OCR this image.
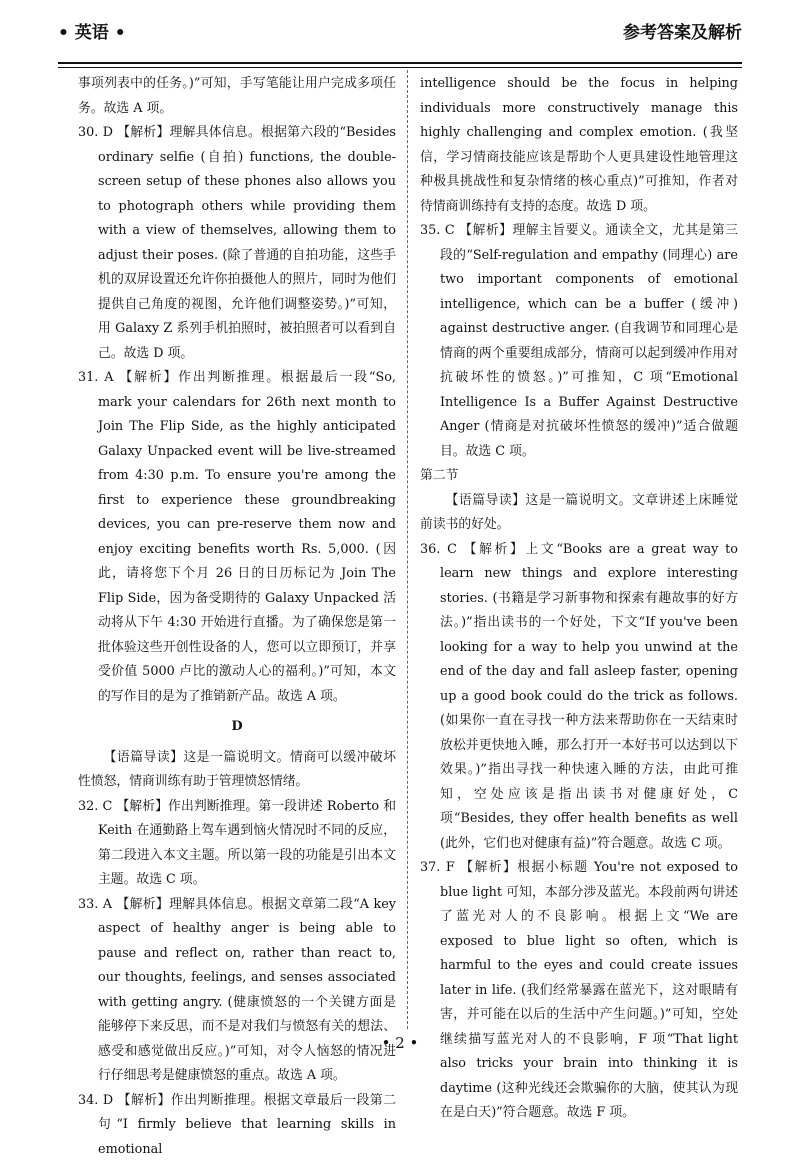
• 英语 •	参考答案及解析

事项列表中的任务。)”可知，手写笔能让用户完成多项任务。故选 A 项。

30. D 【解析】理解具体信息。根据第六段的“Besides ordinary selfie (自拍) functions, the double-screen setup of these phones also allows you to photograph others while providing them with a view of themselves, allowing them to adjust their poses. (除了普通的自拍功能，这些手机的双屏设置还允许你拍摄他人的照片，同时为他们提供自己角度的视图，允许他们调整姿势。)”可知，用 Galaxy Z 系列手机拍照时，被拍照者可以看到自己。故选 D 项。

31. A 【解析】作出判断推理。根据最后一段“So, mark your calendars for 26th next month to Join The Flip Side, as the highly anticipated Galaxy Unpacked event will be live-streamed from 4:30 p.m. To ensure you're among the first to experience these groundbreaking devices, you can pre-reserve them now and enjoy exciting benefits worth Rs. 5,000. (因此，请将您下个月 26 日的日历标记为 Join The Flip Side，因为备受期待的 Galaxy Unpacked 活动将从下午 4:30 开始进行直播。为了确保您是第一批体验这些开创性设备的人，您可以立即预订，并享受价值 5000 卢比的激动人心的福利。)”可知，本文的写作目的是为了推销新产品。故选 A 项。

D

【语篇导读】这是一篇说明文。情商可以缓冲破坏性愤怒，情商训练有助于管理愤怒情绪。

32. C 【解析】作出判断推理。第一段讲述 Roberto 和 Keith 在通勤路上驾车遇到恼火情况时不同的反应，第二段进入本文主题。所以第一段的功能是引出本文主题。故选 C 项。

33. A 【解析】理解具体信息。根据文章第二段“A key aspect of healthy anger is being able to pause and reflect on, rather than react to, our thoughts, feelings, and senses associated with getting angry. (健康愤怒的一个关键方面是能够停下来反思，而不是对我们与愤怒有关的想法、感受和感觉做出反应。)”可知，对令人恼怒的情况进行仔细思考是健康愤怒的重点。故选 A 项。

34. D 【解析】作出判断推理。根据文章最后一段第二句“I firmly believe that learning skills in emotional

intelligence should be the focus in helping individuals more constructively manage this highly challenging and complex emotion. (我坚信，学习情商技能应该是帮助个人更具建设性地管理这种极具挑战性和复杂情绪的核心重点)”可推知，作者对待情商训练持有支持的态度。故选 D 项。

35. C 【解析】理解主旨要义。通读全文，尤其是第三段的“Self-regulation and empathy (同理心) are two important components of emotional intelligence, which can be a buffer (缓冲) against destructive anger. (自我调节和同理心是情商的两个重要组成部分，情商可以起到缓冲作用对抗破坏性的愤怒。)”可推知，C 项“Emotional Intelligence Is a Buffer Against Destructive Anger (情商是对抗破坏性愤怒的缓冲)”适合做题目。故选 C 项。

第二节

【语篇导读】这是一篇说明文。文章讲述上床睡觉前读书的好处。

36. C 【解析】上文“Books are a great way to learn new things and explore interesting stories. (书籍是学习新事物和探索有趣故事的好方法。)”指出读书的一个好处，下文“If you've been looking for a way to help you unwind at the end of the day and fall asleep faster, opening up a good book could do the trick as follows. (如果你一直在寻找一种方法来帮助你在一天结束时放松并更快地入睡，那么打开一本好书可以达到以下效果。)”指出寻找一种快速入睡的方法，由此可推知，空处应该是指出读书对健康好处，C 项“Besides, they offer health benefits as well (此外，它们也对健康有益)”符合题意。故选 C 项。

37. F 【解析】根据小标题 You're not exposed to blue light 可知，本部分涉及蓝光。本段前两句讲述了蓝光对人的不良影响。根据上文“We are exposed to blue light so often, which is harmful to the eyes and could create issues later in life. (我们经常暴露在蓝光下，这对眼睛有害，并可能在以后的生活中产生问题。)”可知，空处继续描写蓝光对人的不良影响，F 项“That light also tricks your brain into thinking it is daytime (这种光线还会欺骗你的大脑，使其认为现在是白天)”符合题意。故选 F 项。

• 2 •
